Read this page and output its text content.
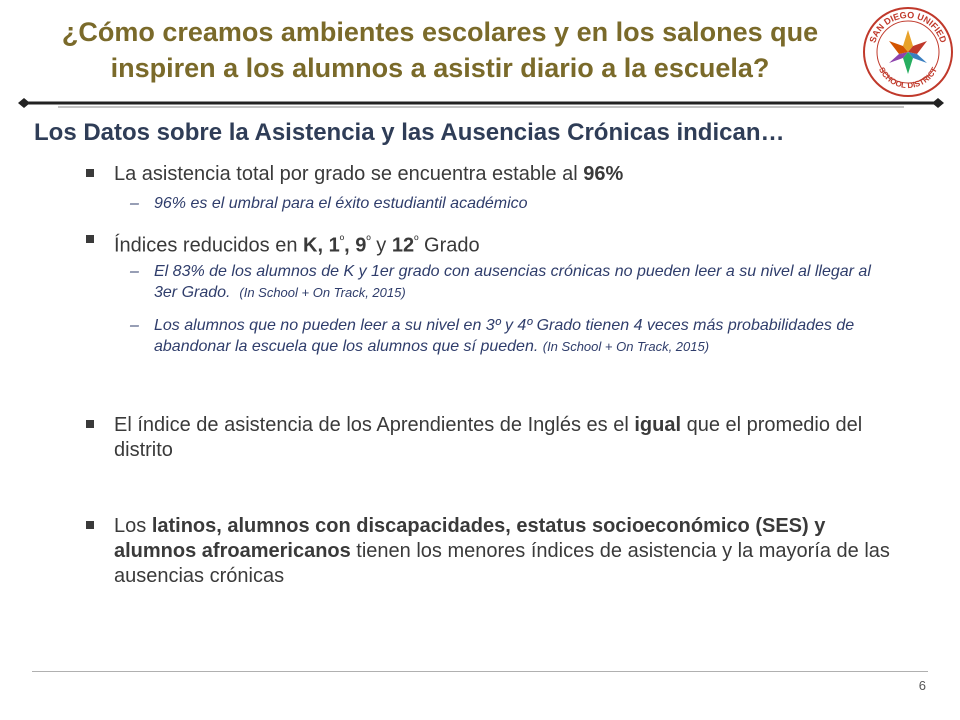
¿Cómo creamos ambientes escolares y en los salones que
inspiren a los alumnos a asistir diario a la escuela?
SAN DIEGO UNIFIED
SCHOOL DISTRICT
Los Datos sobre la Asistencia y las Ausencias Crónicas indican…
La asistencia total por grado se encuentra estable al 96%
– 96% es el umbral para el éxito estudiantil académico
Índices reducidos en K, $1^º$, $9^º$ y $12^º$ Grado
– El 83% de los alumnos de K y 1er grado con ausencias crónicas no pueden leer a su nivel al llegar al 3er Grado. (In School + On Track, 2015)
– Los alumnos que no pueden leer a su nivel en 3º y 4º Grado tienen 4 veces más probabilidades de abandonar la escuela que los alumnos que sí pueden. (In School + On Track, 2015)
El índice de asistencia de los Aprendientes de Inglés es el igual que el promedio del distrito
Los latinos, alumnos con discapacidades, estatus socioeconómico (SES) y alumnos afroamericanos tienen los menores índices de asistencia y la mayoría de las ausencias crónicas
6
